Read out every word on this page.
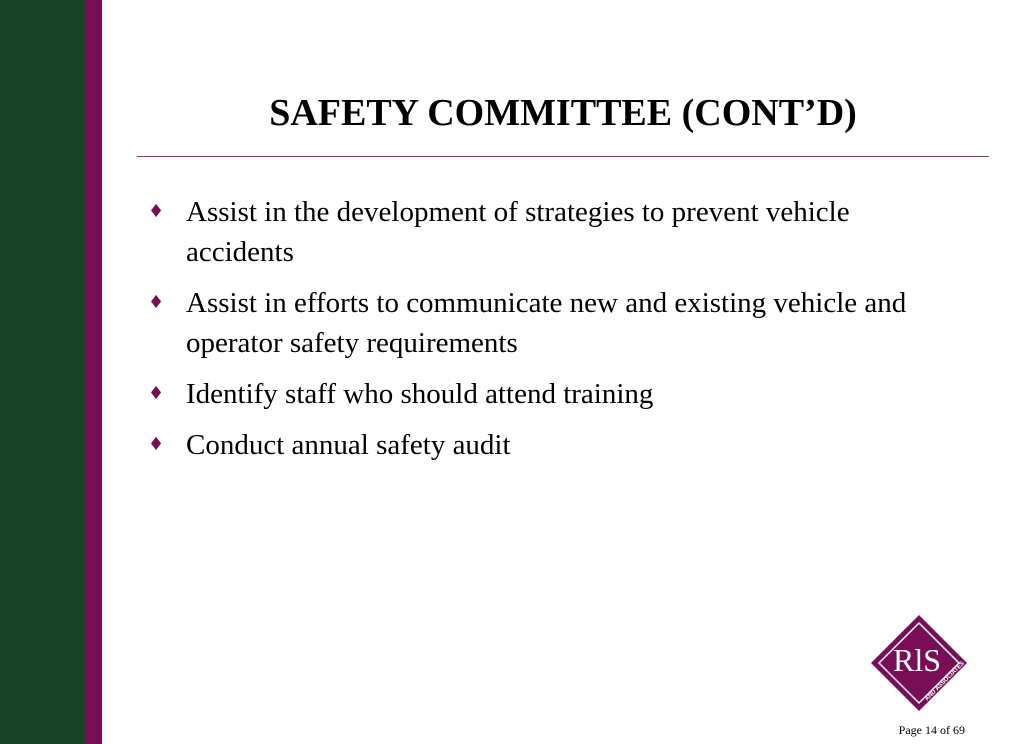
SAFETY COMMITTEE (CONT’D)
♦ Assist in the development of strategies to prevent vehicle accidents
♦ Assist in efforts to communicate new and existing vehicle and operator safety requirements
♦ Identify staff who should attend training
♦ Conduct annual safety audit
RlS
AND ASSOCIATES
Page 14 of 69
